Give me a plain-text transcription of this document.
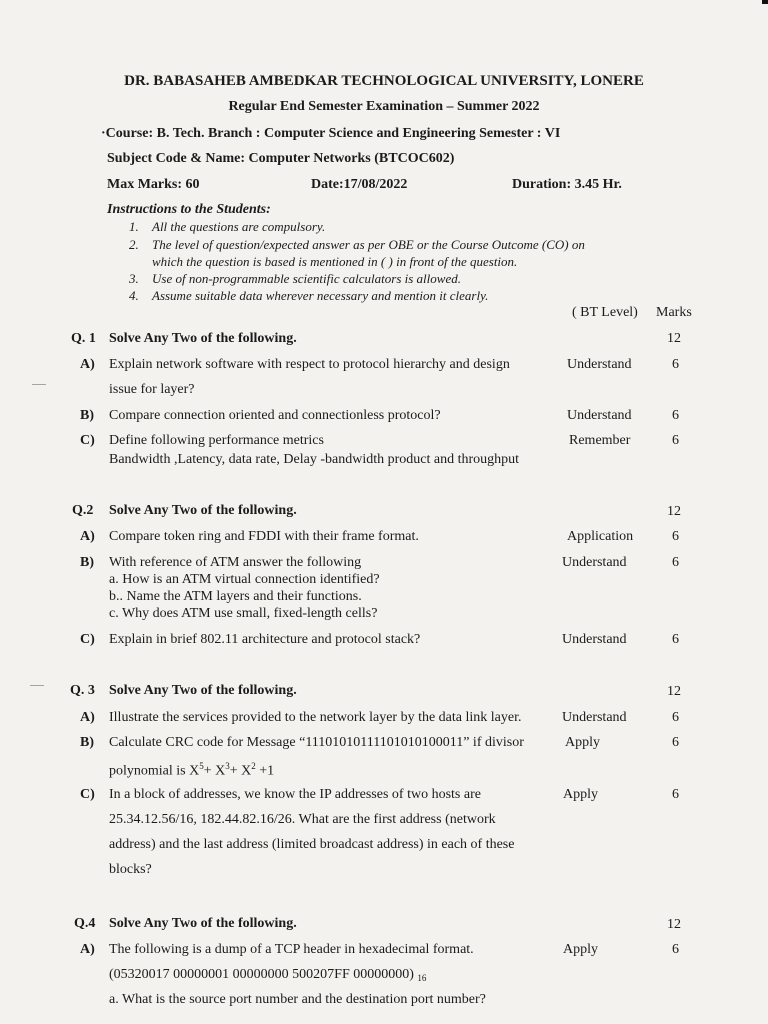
DR. BABASAHEB AMBEDKAR TECHNOLOGICAL UNIVERSITY, LONERE
Regular End Semester Examination – Summer 2022
·Course: B. Tech. Branch : Computer Science and Engineering Semester : VI
Subject Code & Name: Computer Networks (BTCOC602)
Max Marks: 60	Date:17/08/2022	Duration: 3.45 Hr.
Instructions to the Students:
1. All the questions are compulsory.
2. The level of question/expected answer as per OBE or the Course Outcome (CO) on
which the question is based is mentioned in ( ) in front of the question.
3. Use of non-programmable scientific calculators is allowed.
4. Assume suitable data wherever necessary and mention it clearly.
( BT Level) Marks
Q. 1 Solve Any Two of the following.	12
A) Explain network software with respect to protocol hierarchy and design
issue for layer?
Understand	6
B) Compare connection oriented and connectionless protocol?	Understand	6
C) Define following performance metrics
Bandwidth ,Latency, data rate, Delay -bandwidth product and throughput
Remember	6
Q.2 Solve Any Two of the following.	12
A) Compare token ring and FDDI with their frame format.	Application	6
B) With reference of ATM answer the following
a. How is an ATM virtual connection identified?
b.. Name the ATM layers and their functions.
c. Why does ATM use small, fixed-length cells?
Understand	6
C) Explain in brief 802.11 architecture and protocol stack?	Understand	6
Q. 3 Solve Any Two of the following.	12
A) Illustrate the services provided to the network layer by the data link layer.	Understand	6
B) Calculate CRC code for Message “11101010111101010100011” if divisor
polynomial is $X^5+ X^3+ X^2 +1$
Apply	6
C) In a block of addresses, we know the IP addresses of two hosts are
25.34.12.56/16, 182.44.82.16/26. What are the first address (network
address) and the last address (limited broadcast address) in each of these
blocks?
Apply	6
Q.4 Solve Any Two of the following.	12
A) The following is a dump of a TCP header in hexadecimal format.
(05320017 00000001 00000000 500207FF 00000000) $_{16}$
a. What is the source port number and the destination port number?
Apply	6
